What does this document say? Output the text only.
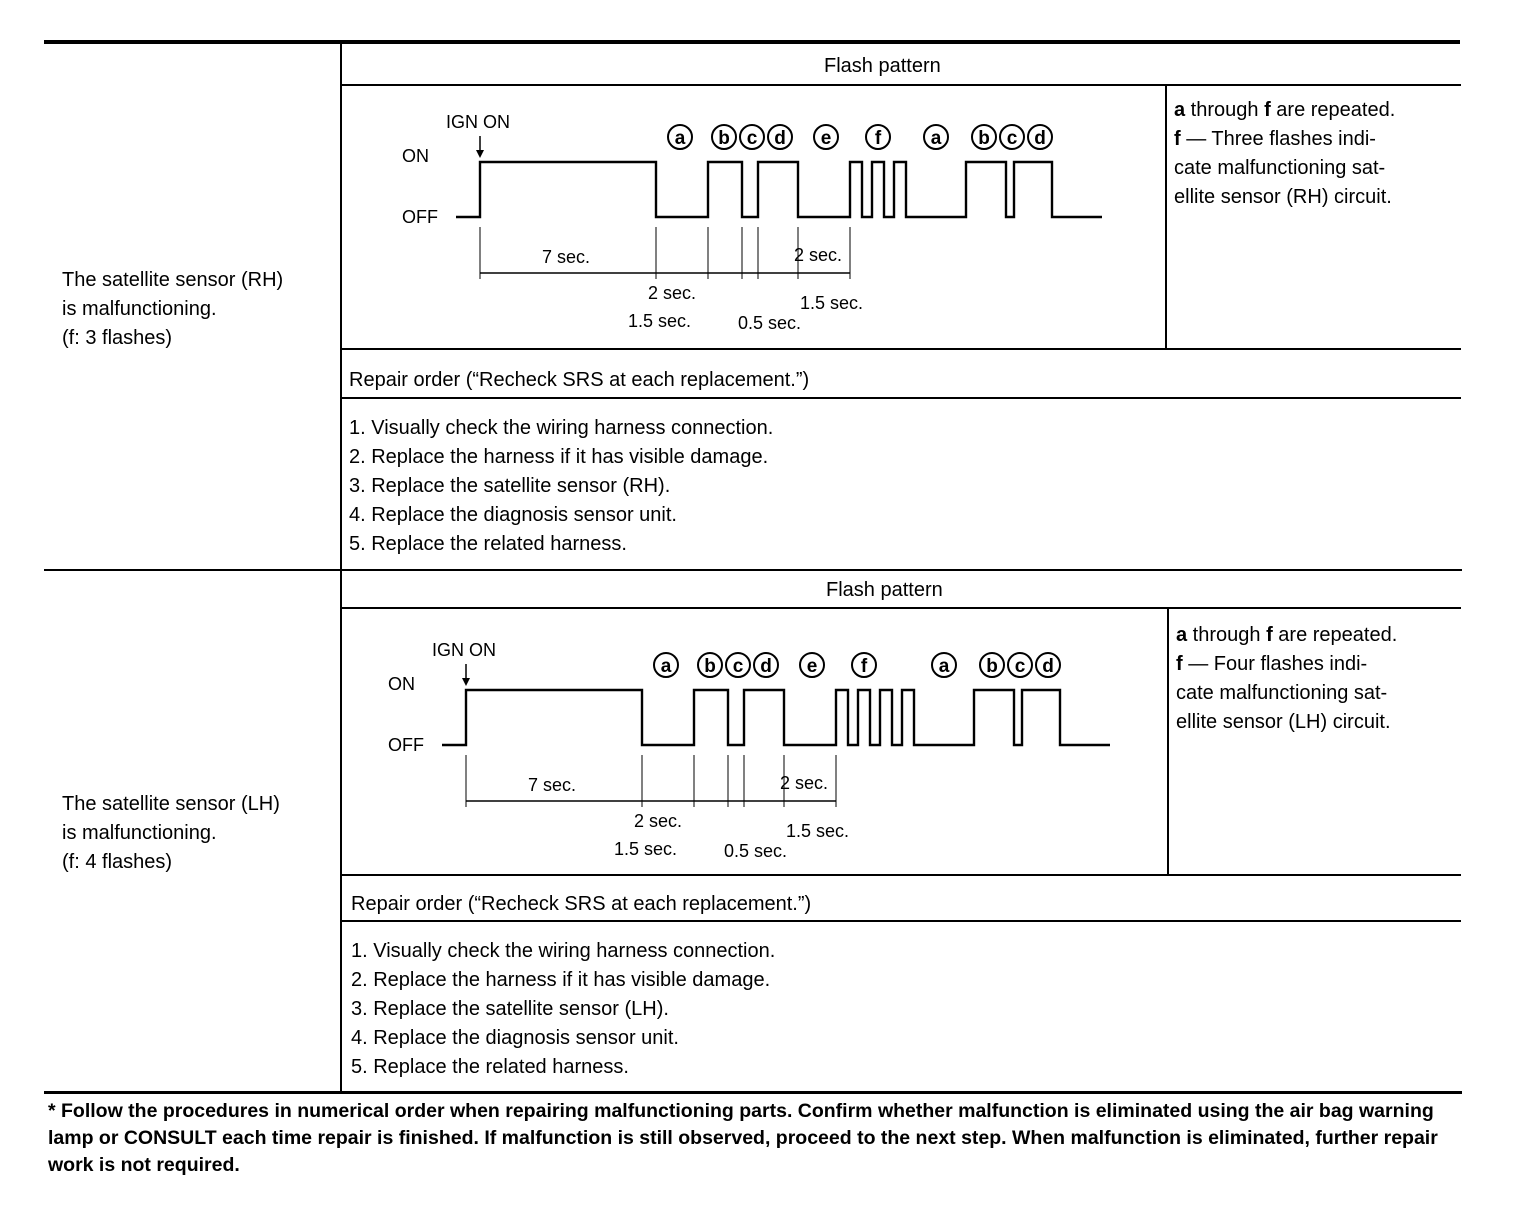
The satellite sensor (RH)
is malfunctioning.
(f: 3 flashes)
Flash pattern
ON
OFF
IGN ON
a b c d e f	a b c d
7 sec.
2 sec.
1.5 sec.	0.5 sec.
1.5 sec.
2 sec.
a through f are repeated.
f — Three flashes indi-
cate malfunctioning sat-
ellite sensor (RH) circuit.
Repair order (“Recheck SRS at each replacement.”)
1. Visually check the wiring harness connection.
2. Replace the harness if it has visible damage.
3. Replace the satellite sensor (RH).
4. Replace the diagnosis sensor unit.
5. Replace the related harness.
The satellite sensor (LH)
is malfunctioning.
(f: 4 flashes)
Flash pattern
ON
OFF
IGN ON
a b c d e f	a b c d
7 sec.
2 sec.
1.5 sec.	0.5 sec.
1.5 sec.
2 sec.
a through f are repeated.
f — Four flashes indi-
cate malfunctioning sat-
ellite sensor (LH) circuit.
Repair order (“Recheck SRS at each replacement.”)
1. Visually check the wiring harness connection.
2. Replace the harness if it has visible damage.
3. Replace the satellite sensor (LH).
4. Replace the diagnosis sensor unit.
5. Replace the related harness.
* Follow the procedures in numerical order when repairing malfunctioning parts. Confirm whether malfunction is eliminated using the air bag warning lamp or CONSULT each time repair is finished. If malfunction is still observed, proceed to the next step. When malfunction is eliminated, further repair work is not required.
